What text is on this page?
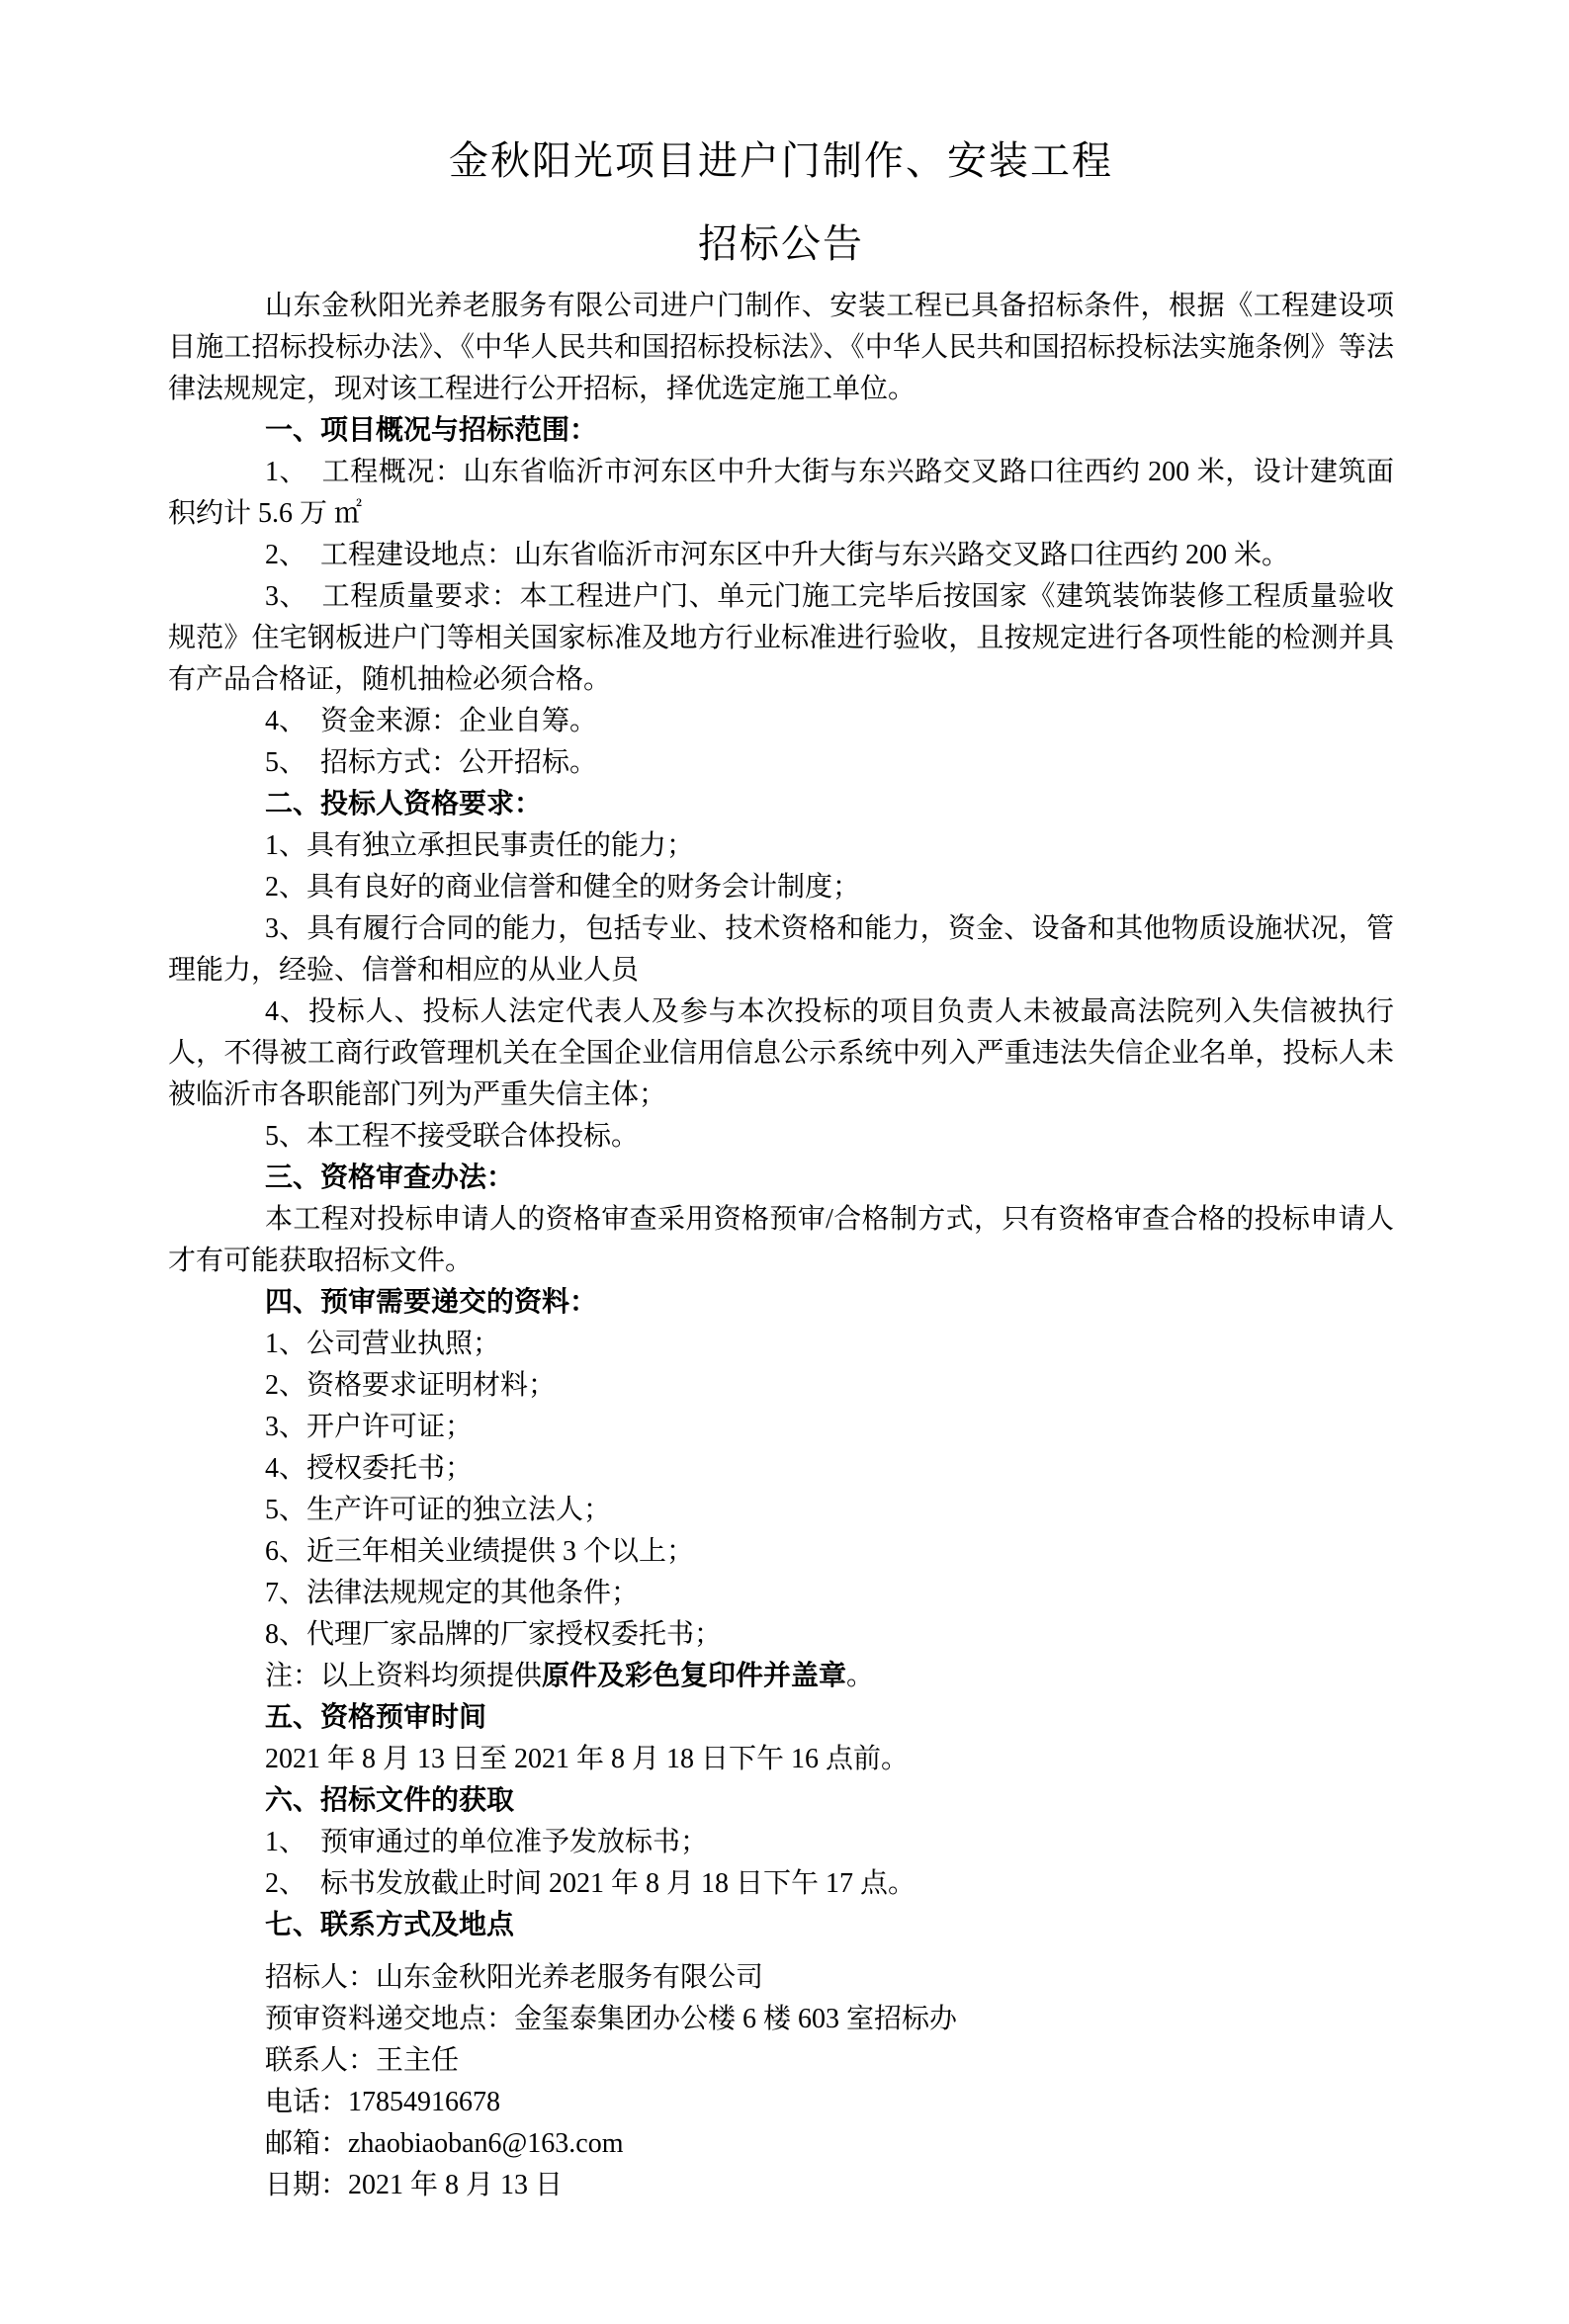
金秋阳光项目进户门制作、安装工程
招标公告

山东金秋阳光养老服务有限公司进户门制作、安装工程已具备招标条件，根据《工程建设项目施工招标投标办法》、《中华人民共和国招标投标法》、《中华人民共和国招标投标法实施条例》等法律法规规定，现对该工程进行公开招标，择优选定施工单位。

一、项目概况与招标范围：

1、　工程概况：山东省临沂市河东区中升大街与东兴路交叉路口往西约 200 米，设计建筑面积约计 5.6 万 ㎡

2、　工程建设地点：山东省临沂市河东区中升大街与东兴路交叉路口往西约 200 米。

3、　工程质量要求：本工程进户门、单元门施工完毕后按国家《建筑装饰装修工程质量验收规范》住宅钢板进户门等相关国家标准及地方行业标准进行验收，且按规定进行各项性能的检测并具有产品合格证，随机抽检必须合格。

4、　资金来源：企业自筹。

5、　招标方式：公开招标。

二、投标人资格要求：

1、具有独立承担民事责任的能力；

2、具有良好的商业信誉和健全的财务会计制度；

3、具有履行合同的能力，包括专业、技术资格和能力，资金、设备和其他物质设施状况，管理能力，经验、信誉和相应的从业人员

4、投标人、投标人法定代表人及参与本次投标的项目负责人未被最高法院列入失信被执行人，不得被工商行政管理机关在全国企业信用信息公示系统中列入严重违法失信企业名单，投标人未被临沂市各职能部门列为严重失信主体；

5、本工程不接受联合体投标。

三、资格审查办法：

本工程对投标申请人的资格审查采用资格预审/合格制方式，只有资格审查合格的投标申请人才有可能获取招标文件。

四、预审需要递交的资料：

1、公司营业执照；

2、资格要求证明材料；

3、开户许可证；

4、授权委托书；

5、生产许可证的独立法人；

6、近三年相关业绩提供 3 个以上；

7、法律法规规定的其他条件；

8、代理厂家品牌的厂家授权委托书；

注：以上资料均须提供原件及彩色复印件并盖章。

五、资格预审时间

2021 年 8 月 13 日至 2021 年 8 月 18 日下午 16 点前。

六、招标文件的获取

1、　预审通过的单位准予发放标书；

2、　标书发放截止时间 2021 年 8 月 18 日下午 17 点。

七、联系方式及地点

招标人：山东金秋阳光养老服务有限公司

预审资料递交地点：金玺泰集团办公楼 6 楼 603 室招标办

联系人：王主任

电话：17854916678

邮箱：zhaobiaoban6@163.com

日期：2021 年 8 月 13 日
